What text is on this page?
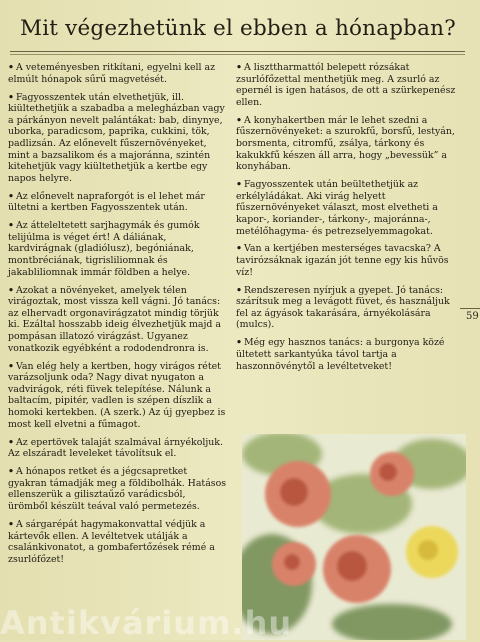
Mit végezhetünk el ebben a hónapban?
• A veteményesben ritkítani, egyelni kell az elmúlt hónapok sűrű magvetését.
• Fagyosszentek után elvethetjük, ill. kiültethetjük a szabadba a melegházban vagy a párkányon nevelt palántákat: bab, dinynye, uborka, paradicsom, paprika, cukkini, tök, padlizsán. Az előnevelt fűszernövényeket, mint a bazsalikom és a majoránna, szintén kitehetjük vagy kiültethetjük a kertbe egy napos helyre.
• Az előnevelt napraforgót is el lehet már ültetni a kertben Fagyosszentek után.
• Az átteleltetett sarjhagymák és gumók telijúlma is véget ért! A dáliának, kardvirágnak (gladiólusz), begóniának, montbréciának, tigrisliliomnak és jakabliliomnak immár földben a helye.
• Azokat a növényeket, amelyek télen virágoztak, most vissza kell vágni. Jó tanács: az elhervadt orgonavirágzatot mindig törjük ki. Ezáltal hosszabb ideig élvezhetjük majd a pompásan illatozó virágzást. Ugyanez vonatkozik egyébként a rododendronra is.
• Van elég hely a kertben, hogy virágos rétet varázsoljunk oda? Nagy divat nyugaton a vadvirágok, réti füvek telepítése. Nálunk a baltacím, pipitér, vadlen is szépen díszlik a homoki kertekben. (A szerk.) Az új gyepbez is most kell elvetni a fűmagot.
• Az epertövek talaját szalmával árnyékoljuk. Az elszáradt leveleket távolítsuk el.
• A hónapos retket és a jégcsapretket gyakran támadják meg a földibolhák. Hatásos ellenszerük a gilisztaűző varádicsból, ürömből készült teával való permetezés.
• A sárgarépát hagymakonvattal védjük a kártevők ellen. A levéltetvek utálják a csalánkivonatot, a gombafertőzések rémé a zsurlófőzet!
• A liszttharmattól belepett rózsákat zsurlófőzettal menthetjük meg. A zsurló az epernél is igen hatásos, de ott a szürkepenész ellen.
• A konyhakertben már le lehet szedni a fűszernövényeket: a szurokfű, borsfű, lestyán, borsmenta, citromfű, zsálya, tárkony és kakukkfű készen áll arra, hogy „bevessük” a konyhában.
• Fagyosszentek után beültethetjük az erkélyládákat. Aki virág helyett fűszernövényeket választ, most elvetheti a kapor-, koriander-, tárkony-, majoránna-, metélőhagyma- és petrezselyemmagokat.
• Van a kertjében mesterséges tavacska? A tavirózsáknak igazán jót tenne egy kis hűvös víz!
• Rendszeresen nyírjuk a gyepet. Jó tanács: szárítsuk meg a levágott füvet, és használjuk fel az ágyások takarására, árnyékolására (mulcs).
• Még egy hasznos tanács: a burgonya közé ültetett sarkantyúka távol tartja a haszonnövénytől a levéltetveket!
59
Antikvárium.hu
